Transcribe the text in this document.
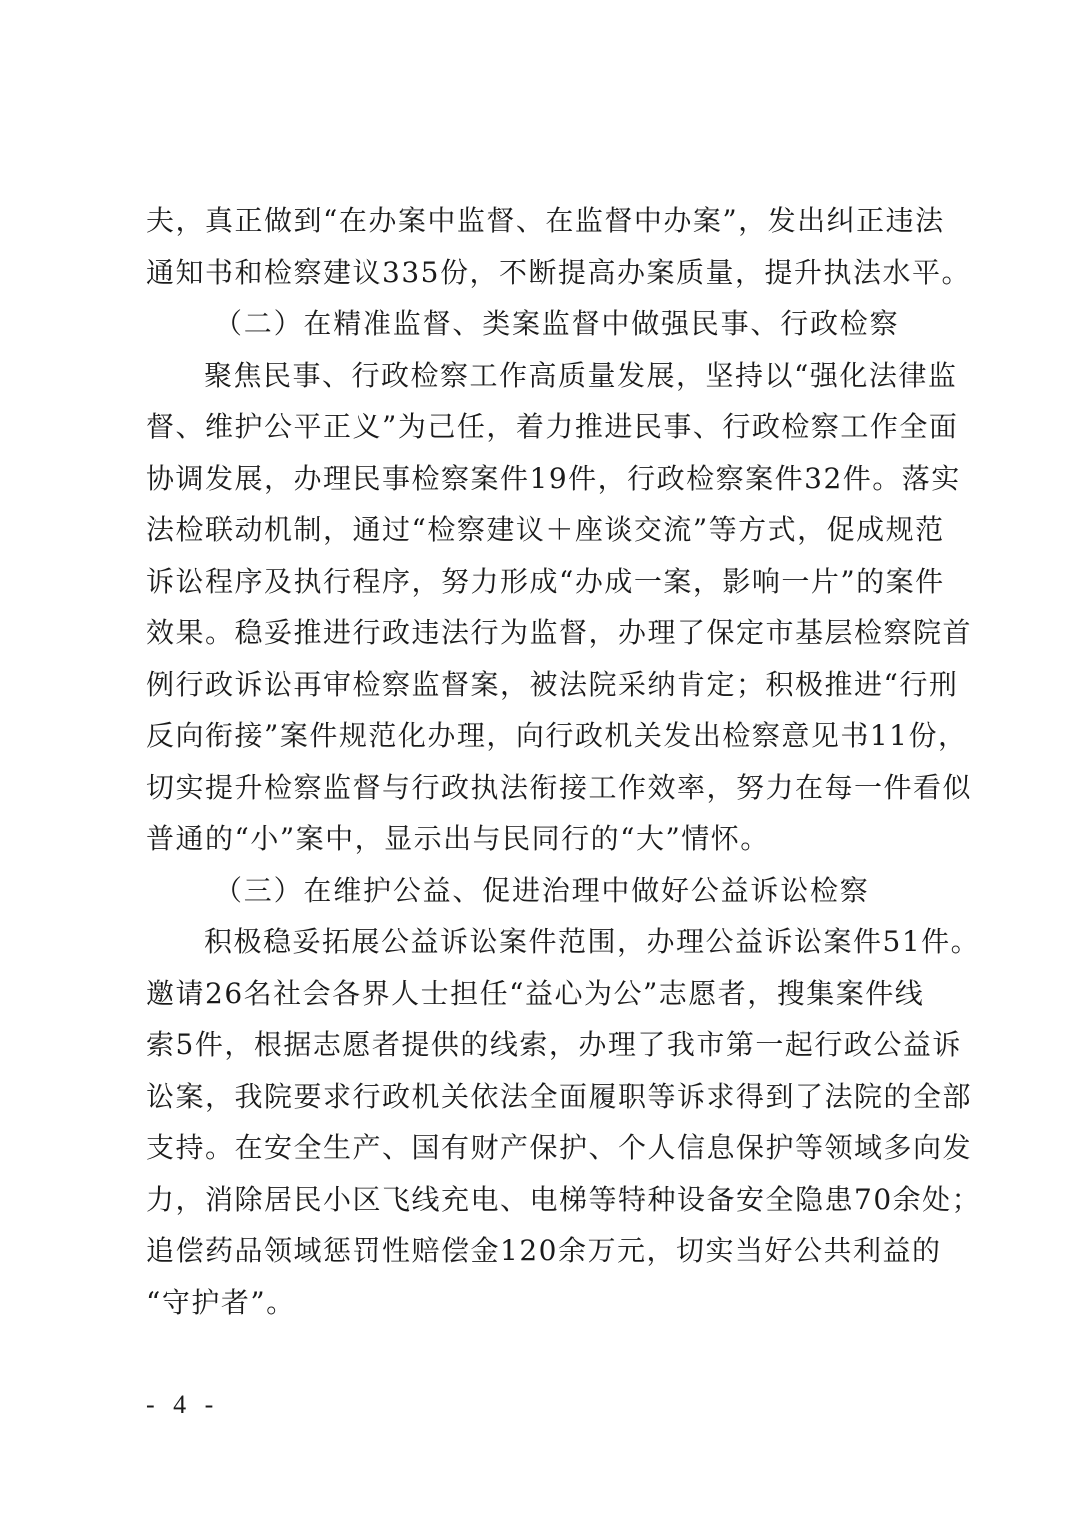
夫，真正做到“在办案中监督、在监督中办案”，发出纠正违法
通知书和检察建议335份，不断提高办案质量，提升执法水平。
（二）在精准监督、类案监督中做强民事、行政检察
聚焦民事、行政检察工作高质量发展，坚持以“强化法律监
督、维护公平正义”为己任，着力推进民事、行政检察工作全面
协调发展，办理民事检察案件19件，行政检察案件32件。落实
法检联动机制，通过“检察建议＋座谈交流”等方式，促成规范
诉讼程序及执行程序，努力形成“办成一案，影响一片”的案件
效果。稳妥推进行政违法行为监督，办理了保定市基层检察院首
例行政诉讼再审检察监督案，被法院采纳肯定；积极推进“行刑
反向衔接”案件规范化办理，向行政机关发出检察意见书11份，
切实提升检察监督与行政执法衔接工作效率，努力在每一件看似
普通的“小”案中，显示出与民同行的“大”情怀。
（三）在维护公益、促进治理中做好公益诉讼检察
积极稳妥拓展公益诉讼案件范围，办理公益诉讼案件51件。
邀请26名社会各界人士担任“益心为公”志愿者，搜集案件线
索5件，根据志愿者提供的线索，办理了我市第一起行政公益诉
讼案，我院要求行政机关依法全面履职等诉求得到了法院的全部
支持。在安全生产、国有财产保护、个人信息保护等领域多向发
力，消除居民小区飞线充电、电梯等特种设备安全隐患70余处；
追偿药品领域惩罚性赔偿金120余万元，切实当好公共利益的
“守护者”。
- 4 -
